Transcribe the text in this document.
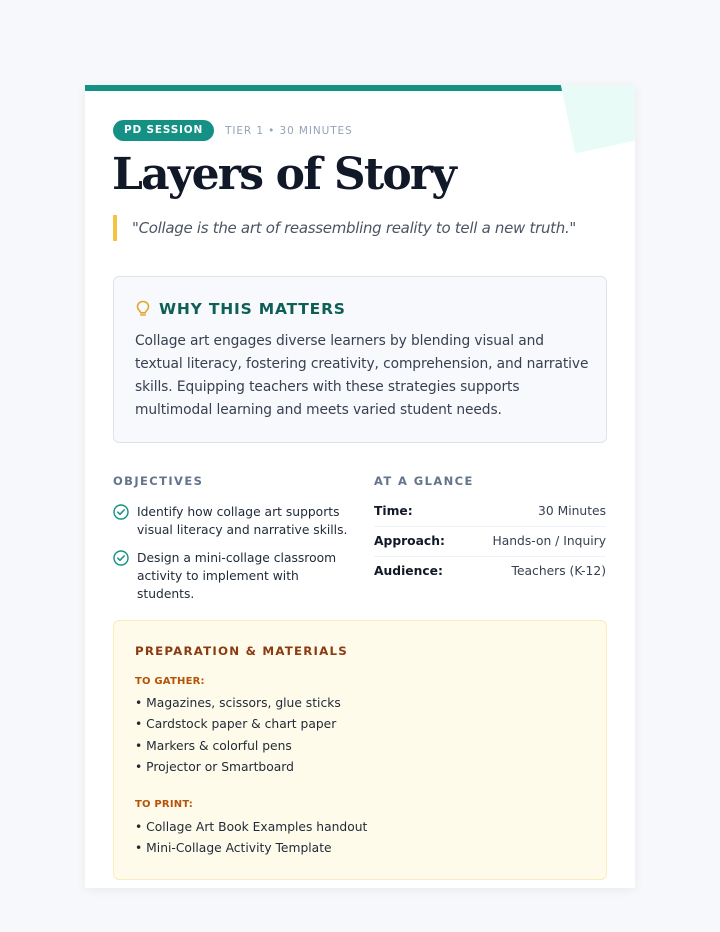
PD SESSION	TIER 1 • 30 MINUTES
Layers of Story
"Collage is the art of reassembling reality to tell a new truth."
WHY THIS MATTERS

Collage art engages diverse learners by blending visual and textual literacy, fostering creativity, comprehension, and narrative skills. Equipping teachers with these strategies supports multimodal learning and meets varied student needs.

OBJECTIVES
Identify how collage art supports visual literacy and narrative skills.
Design a mini-collage classroom activity to implement with students.
AT A GLANCE
Time:	30 Minutes
Approach:	Hands-on / Inquiry
Audience:	Teachers (K-12)
PREPARATION & MATERIALS
TO GATHER:
• Magazines, scissors, glue sticks
• Cardstock paper & chart paper
• Markers & colorful pens
• Projector or Smartboard
TO PRINT:
• Collage Art Book Examples handout
• Mini-Collage Activity Template
